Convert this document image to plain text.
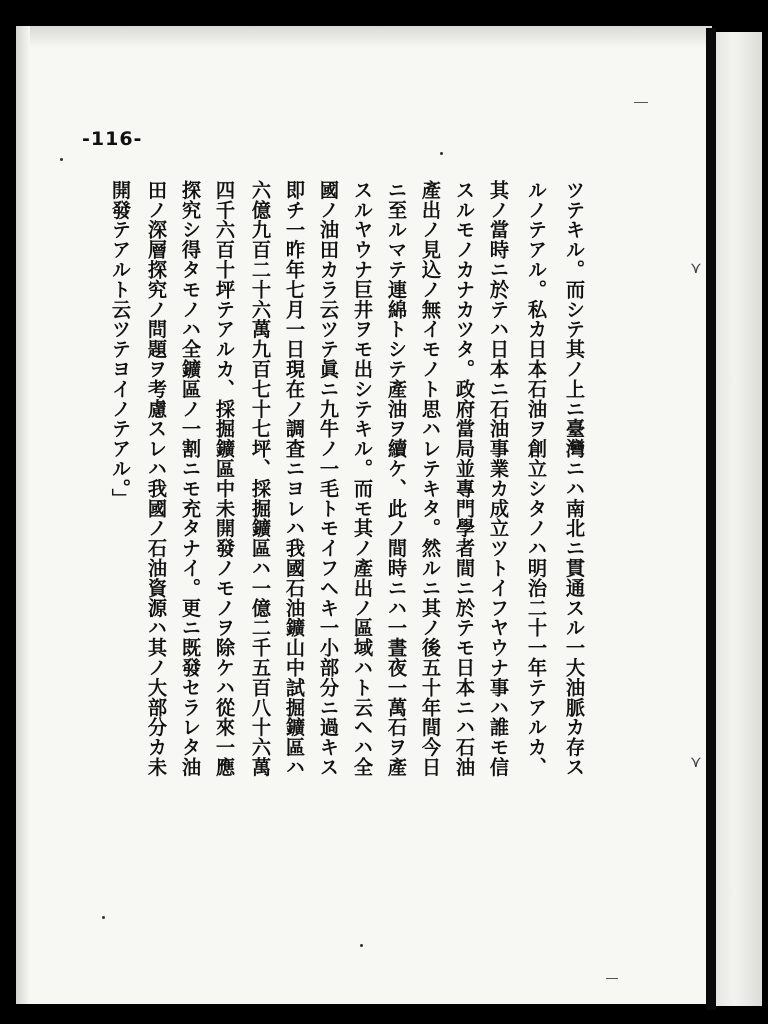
-116-
ツテキル。而シテ其ノ上ニ臺灣ニハ南北ニ貫通スル一大油脈カ存ス
ルノテアル。私カ日本石油ヲ創立シタノハ明治二十一年テアルカ、
其ノ當時ニ於テハ日本ニ石油事業カ成立ツトイフヤウナ事ハ誰モ信
スルモノカナカツタ。政府當局並專門學者間ニ於テモ日本ニハ石油
產出ノ見込ノ無イモノト思ハレテキタ。然ルニ其ノ後五十年間今日
ニ至ルマテ連綿トシテ產油ヲ續ケ、此ノ間時ニハ一晝夜一萬石ヲ產
スルヤウナ巨井ヲモ出シテキル。而モ其ノ產出ノ區域ハト云ヘハ全
國ノ油田カラ云ツテ眞ニ九牛ノ一毛トモイフヘキ一小部分ニ過キス
即チ一昨年七月一日現在ノ調査ニヨレハ我國石油鑛山中試掘鑛區ハ
六億九百二十六萬九百七十七坪、採掘鑛區ハ一億二千五百八十六萬
四千六百十坪テアルカ、採掘鑛區中未開發ノモノヲ除ケハ從來一應
探究シ得タモノハ全鑛區ノ一割ニモ充タナイ。更ニ既發セラレタ油
田ノ深層探究ノ問題ヲ考慮スレハ我國ノ石油資源ハ其ノ大部分カ未
開發テアルト云ツテヨイノテアル。」	⋎
⋎
